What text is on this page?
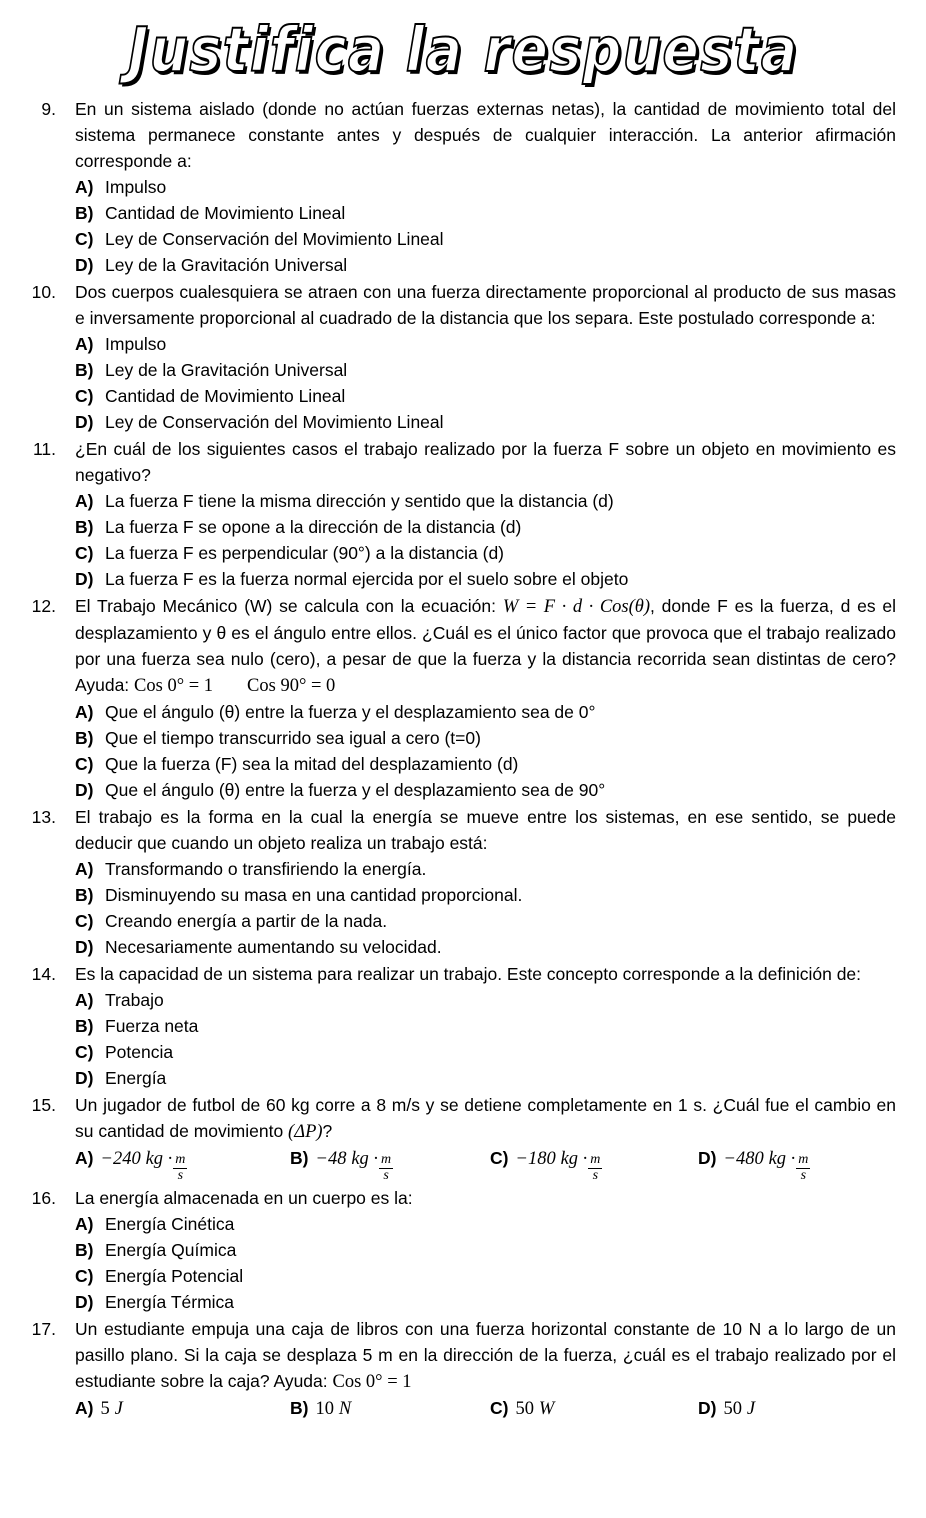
Justifica la respuesta
9. En un sistema aislado (donde no actúan fuerzas externas netas), la cantidad de movimiento total del sistema permanece constante antes y después de cualquier interacción. La anterior afirmación corresponde a:

A) Impulso
B) Cantidad de Movimiento Lineal
C) Ley de Conservación del Movimiento Lineal
D) Ley de la Gravitación Universal
10. Dos cuerpos cualesquiera se atraen con una fuerza directamente proporcional al producto de sus masas e inversamente proporcional al cuadrado de la distancia que los separa. Este postulado corresponde a:

A) Impulso
B) Ley de la Gravitación Universal
C) Cantidad de Movimiento Lineal
D) Ley de Conservación del Movimiento Lineal
11. ¿En cuál de los siguientes casos el trabajo realizado por la fuerza F sobre un objeto en movimiento es negativo?

A) La fuerza F tiene la misma dirección y sentido que la distancia (d)
B) La fuerza F se opone a la dirección de la distancia (d)
C) La fuerza F es perpendicular (90°) a la distancia (d)
D) La fuerza F es la fuerza normal ejercida por el suelo sobre el objeto
12. El Trabajo Mecánico (W) se calcula con la ecuación: W = F · d · Cos(θ), donde F es la fuerza, d es el desplazamiento y θ es el ángulo entre ellos. ¿Cuál es el único factor que provoca que el trabajo realizado por una fuerza sea nulo (cero), a pesar de que la fuerza y la distancia recorrida sean distintas de cero? Ayuda: Cos 0° = 1 Cos 90° = 0

A) Que el ángulo (θ) entre la fuerza y el desplazamiento sea de 0°
B) Que el tiempo transcurrido sea igual a cero (t=0)
C) Que la fuerza (F) sea la mitad del desplazamiento (d)
D) Que el ángulo (θ) entre la fuerza y el desplazamiento sea de 90°
13. El trabajo es la forma en la cual la energía se mueve entre los sistemas, en ese sentido, se puede deducir que cuando un objeto realiza un trabajo está:

A) Transformando o transfiriendo la energía.
B) Disminuyendo su masa en una cantidad proporcional.
C) Creando energía a partir de la nada.
D) Necesariamente aumentando su velocidad.
14. Es la capacidad de un sistema para realizar un trabajo. Este concepto corresponde a la definición de:

A) Trabajo
B) Fuerza neta
C) Potencia
D) Energía
15. Un jugador de futbol de 60 kg corre a 8 m/s y se detiene completamente en 1 s. ¿Cuál fue el cambio en su cantidad de movimiento (ΔP)?

A) −240
kg · $\frac{m}{s}$	B) −48
kg · $\frac{m}{s}$	C) −180
kg · $\frac{m}{s}$	D) −480
kg · $\frac{m}{s}$
16. La energía almacenada en un cuerpo es la:

A) Energía Cinética
B) Energía Química
C) Energía Potencial
D) Energía Térmica
17. Un estudiante empuja una caja de libros con una fuerza horizontal constante de 10 N a lo largo de un pasillo plano. Si la caja se desplaza 5 m en la dirección de la fuerza, ¿cuál es el trabajo realizado por el estudiante sobre la caja? Ayuda: Cos 0° = 1

A) 5
J	B) 10
N	C) 50
W	D) 50
J
